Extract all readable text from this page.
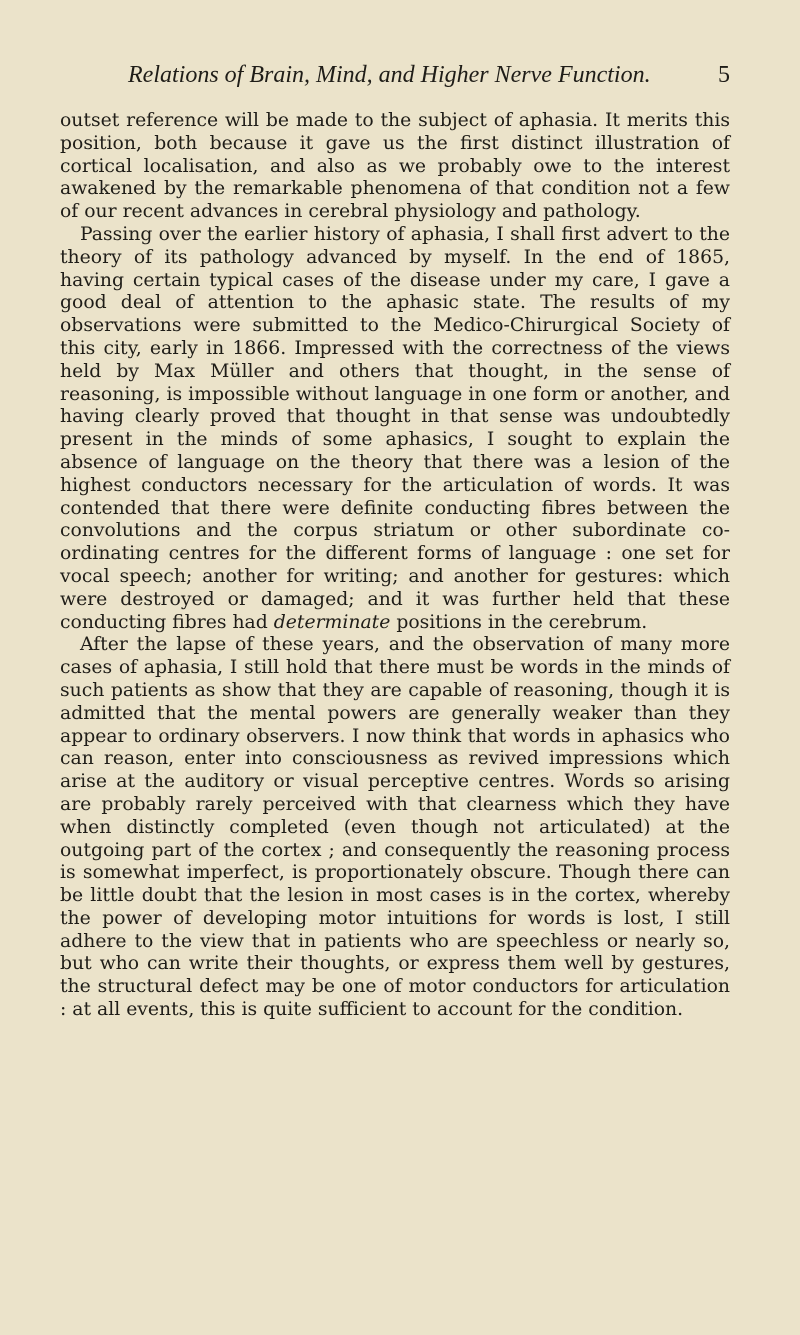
Relations of Brain, Mind, and Higher Nerve Function.	5

outset reference will be made to the subject of aphasia. It merits this position, both because it gave us the first distinct illustration of cortical localisation, and also as we probably owe to the interest awakened by the remarkable phenomena of that condition not a few of our recent advances in cerebral physiology and pathology.

Passing over the earlier history of aphasia, I shall first advert to the theory of its pathology advanced by myself. In the end of 1865, having certain typical cases of the disease under my care, I gave a good deal of attention to the aphasic state. The results of my observations were submitted to the Medico-Chirurgical Society of this city, early in 1866. Impressed with the correctness of the views held by Max Müller and others that thought, in the sense of reasoning, is impossible without language in one form or another, and having clearly proved that thought in that sense was undoubtedly present in the minds of some aphasics, I sought to explain the absence of language on the theory that there was a lesion of the highest conductors necessary for the articulation of words. It was contended that there were definite conducting fibres between the convolutions and the corpus striatum or other subordinate co-ordinating centres for the different forms of language : one set for vocal speech; another for writing; and another for gestures: which were destroyed or damaged; and it was further held that these conducting fibres had determinate positions in the cerebrum.

After the lapse of these years, and the observation of many more cases of aphasia, I still hold that there must be words in the minds of such patients as show that they are capable of reasoning, though it is admitted that the mental powers are generally weaker than they appear to ordinary observers. I now think that words in aphasics who can reason, enter into consciousness as revived impressions which arise at the auditory or visual perceptive centres. Words so arising are probably rarely perceived with that clearness which they have when distinctly completed (even though not articulated) at the outgoing part of the cortex ; and consequently the reasoning process is somewhat imperfect, is proportionately obscure. Though there can be little doubt that the lesion in most cases is in the cortex, whereby the power of developing motor intuitions for words is lost, I still adhere to the view that in patients who are speechless or nearly so, but who can write their thoughts, or express them well by gestures, the structural defect may be one of motor conductors for articulation : at all events, this is quite sufficient to account for the condition.
